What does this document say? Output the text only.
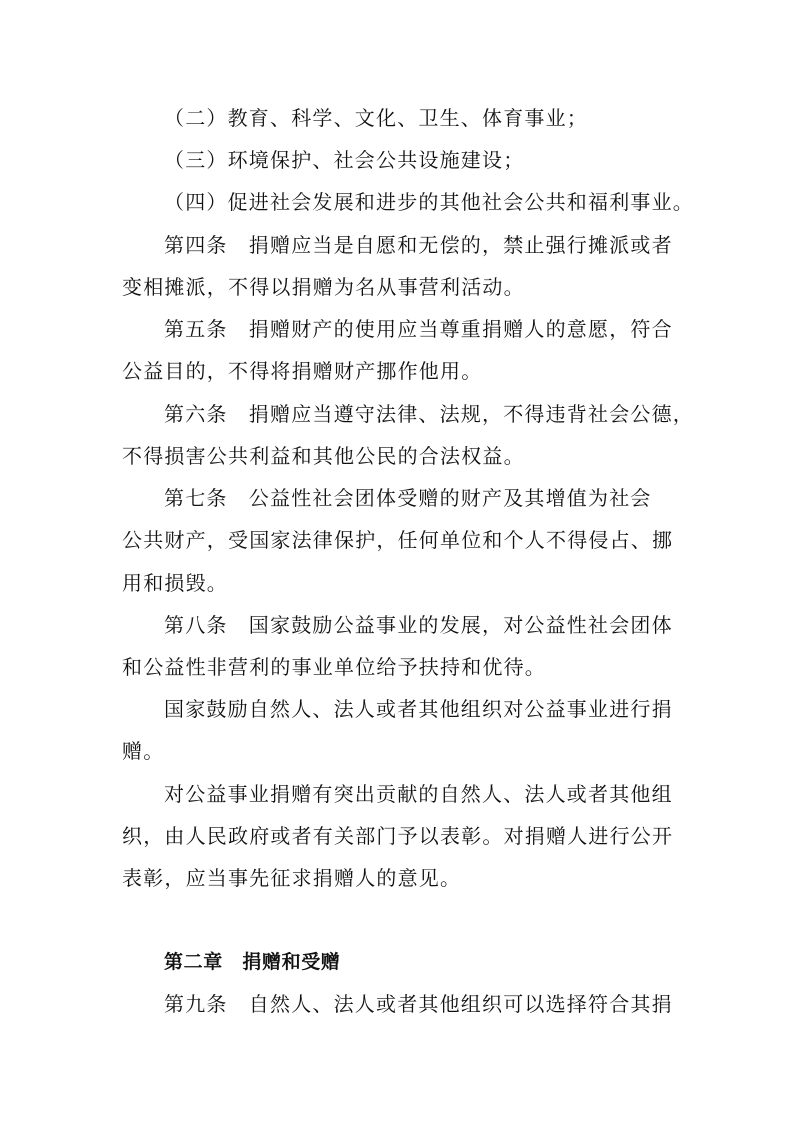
（二）教育、科学、文化、卫生、体育事业；
（三）环境保护、社会公共设施建设；
（四）促进社会发展和进步的其他社会公共和福利事业。
第四条　捐赠应当是自愿和无偿的，禁止强行摊派或者
变相摊派，不得以捐赠为名从事营利活动。
第五条　捐赠财产的使用应当尊重捐赠人的意愿，符合
公益目的，不得将捐赠财产挪作他用。
第六条　捐赠应当遵守法律、法规，不得违背社会公德，
不得损害公共利益和其他公民的合法权益。
第七条　公益性社会团体受赠的财产及其增值为社会
公共财产，受国家法律保护，任何单位和个人不得侵占、挪
用和损毁。
第八条　国家鼓励公益事业的发展，对公益性社会团体
和公益性非营利的事业单位给予扶持和优待。
国家鼓励自然人、法人或者其他组织对公益事业进行捐
赠。
对公益事业捐赠有突出贡献的自然人、法人或者其他组
织，由人民政府或者有关部门予以表彰。对捐赠人进行公开
表彰，应当事先征求捐赠人的意见。
第二章　捐赠和受赠
第九条　自然人、法人或者其他组织可以选择符合其捐
